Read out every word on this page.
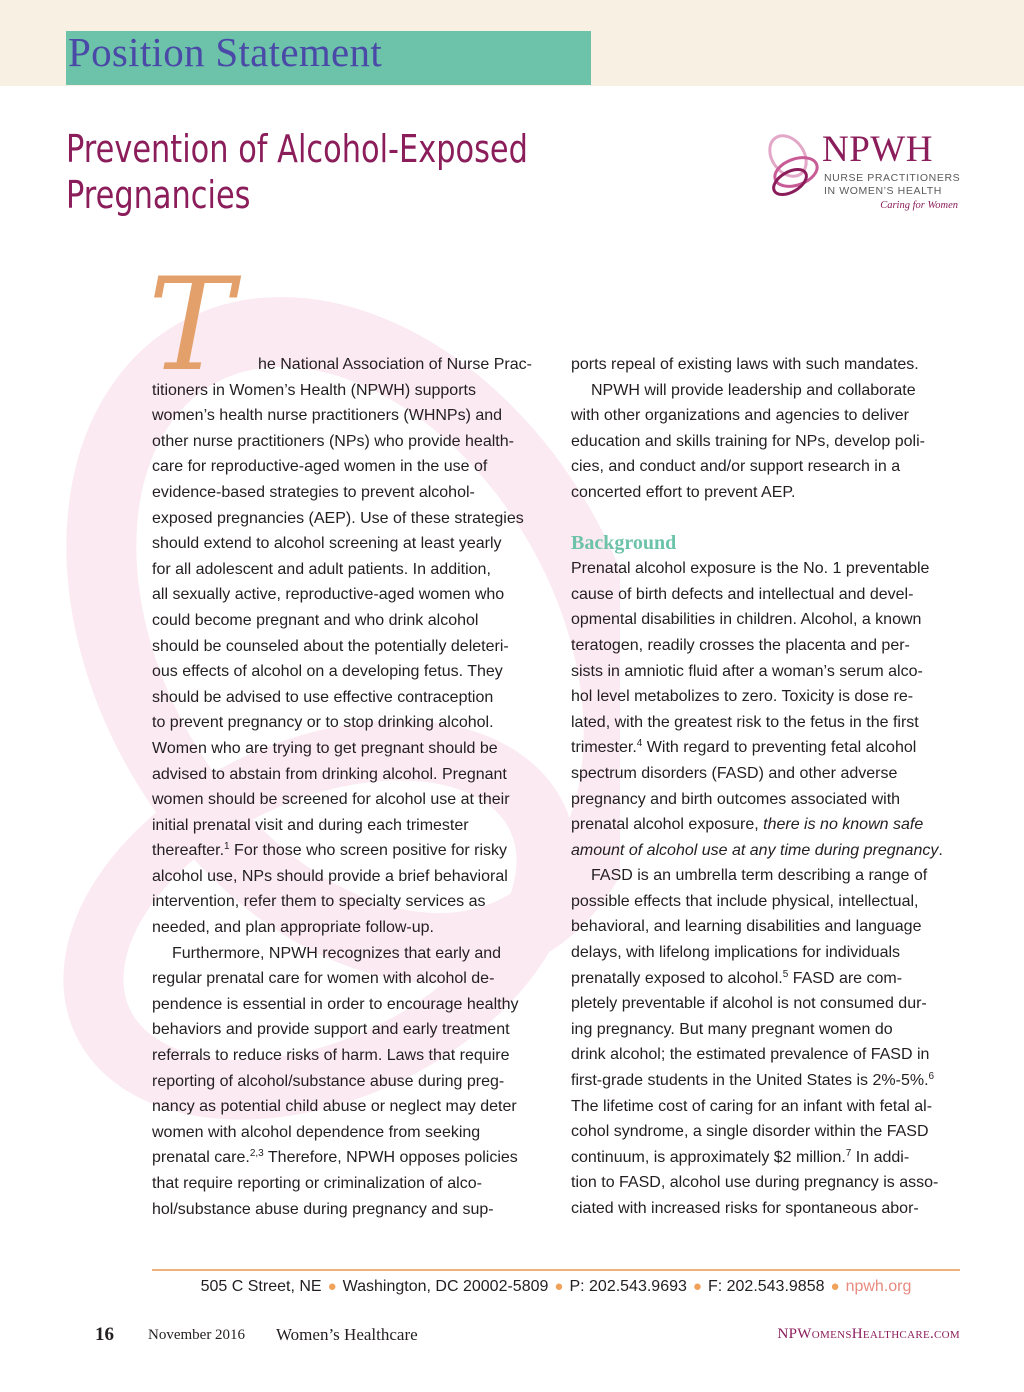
Position Statement
Prevention of Alcohol-Exposed
Pregnancies
NPWH
NURSE PRACTITIONERS
IN WOMEN’S HEALTH
Caring for Women
T	he National Association of Nurse Prac-
titioners in Women’s Health (NPWH) supports
women’s health nurse practitioners (WHNPs) and
other nurse practitioners (NPs) who provide health-
care for reproductive-aged women in the use of
evidence-based strategies to prevent alcohol-
exposed pregnancies (AEP). Use of these strategies
should extend to alcohol screening at least yearly
for all adolescent and adult patients. In addition,
all sexually active, reproductive-aged women who
could become pregnant and who drink alcohol
should be counseled about the potentially deleteri-
ous effects of alcohol on a developing fetus. They
should be advised to use effective contraception
to prevent pregnancy or to stop drinking alcohol.
Women who are trying to get pregnant should be
advised to abstain from drinking alcohol. Pregnant
women should be screened for alcohol use at their
initial prenatal visit and during each trimester
thereafter.$^1$ For those who screen positive for risky
alcohol use, NPs should provide a brief behavioral
intervention, refer them to specialty services as
needed, and plan appropriate follow-up.
Furthermore, NPWH recognizes that early and
regular prenatal care for women with alcohol de-
pendence is essential in order to encourage healthy
behaviors and provide support and early treatment
referrals to reduce risks of harm. Laws that require
reporting of alcohol/substance abuse during preg-
nancy as potential child abuse or neglect may deter
women with alcohol dependence from seeking
prenatal care.$^{2,3}$ Therefore, NPWH opposes policies
that require reporting or criminalization of alco-
hol/substance abuse during pregnancy and sup-
ports repeal of existing laws with such mandates.
NPWH will provide leadership and collaborate
with other organizations and agencies to deliver
education and skills training for NPs, develop poli-
cies, and conduct and/or support research in a
concerted effort to prevent AEP.
Background
Prenatal alcohol exposure is the No. 1 preventable
cause of birth defects and intellectual and devel-
opmental disabilities in children. Alcohol, a known
teratogen, readily crosses the placenta and per-
sists in amniotic fluid after a woman’s serum alco-
hol level metabolizes to zero. Toxicity is dose re-
lated, with the greatest risk to the fetus in the first
trimester.$^4$ With regard to preventing fetal alcohol
spectrum disorders (FASD) and other adverse
pregnancy and birth outcomes associated with
prenatal alcohol exposure, there is no known safe
amount of alcohol use at any time during pregnancy.
FASD is an umbrella term describing a range of
possible effects that include physical, intellectual,
behavioral, and learning disabilities and language
delays, with lifelong implications for individuals
prenatally exposed to alcohol.$^5$ FASD are com-
pletely preventable if alcohol is not consumed dur-
ing pregnancy. But many pregnant women do
drink alcohol; the estimated prevalence of FASD in
first-grade students in the United States is 2%-5%.$^6$
The lifetime cost of caring for an infant with fetal al-
cohol syndrome, a single disorder within the FASD
continuum, is approximately $2 million.$^7$ In addi-
tion to FASD, alcohol use during pregnancy is asso-
ciated with increased risks for spontaneous abor-
505 C Street, NE ● Washington, DC 20002-5809 ● P: 202.543.9693 ● F: 202.543.9858 ● npwh.org
16 November 2016 Women’s Healthcare	NPWomensHealthcare.com
